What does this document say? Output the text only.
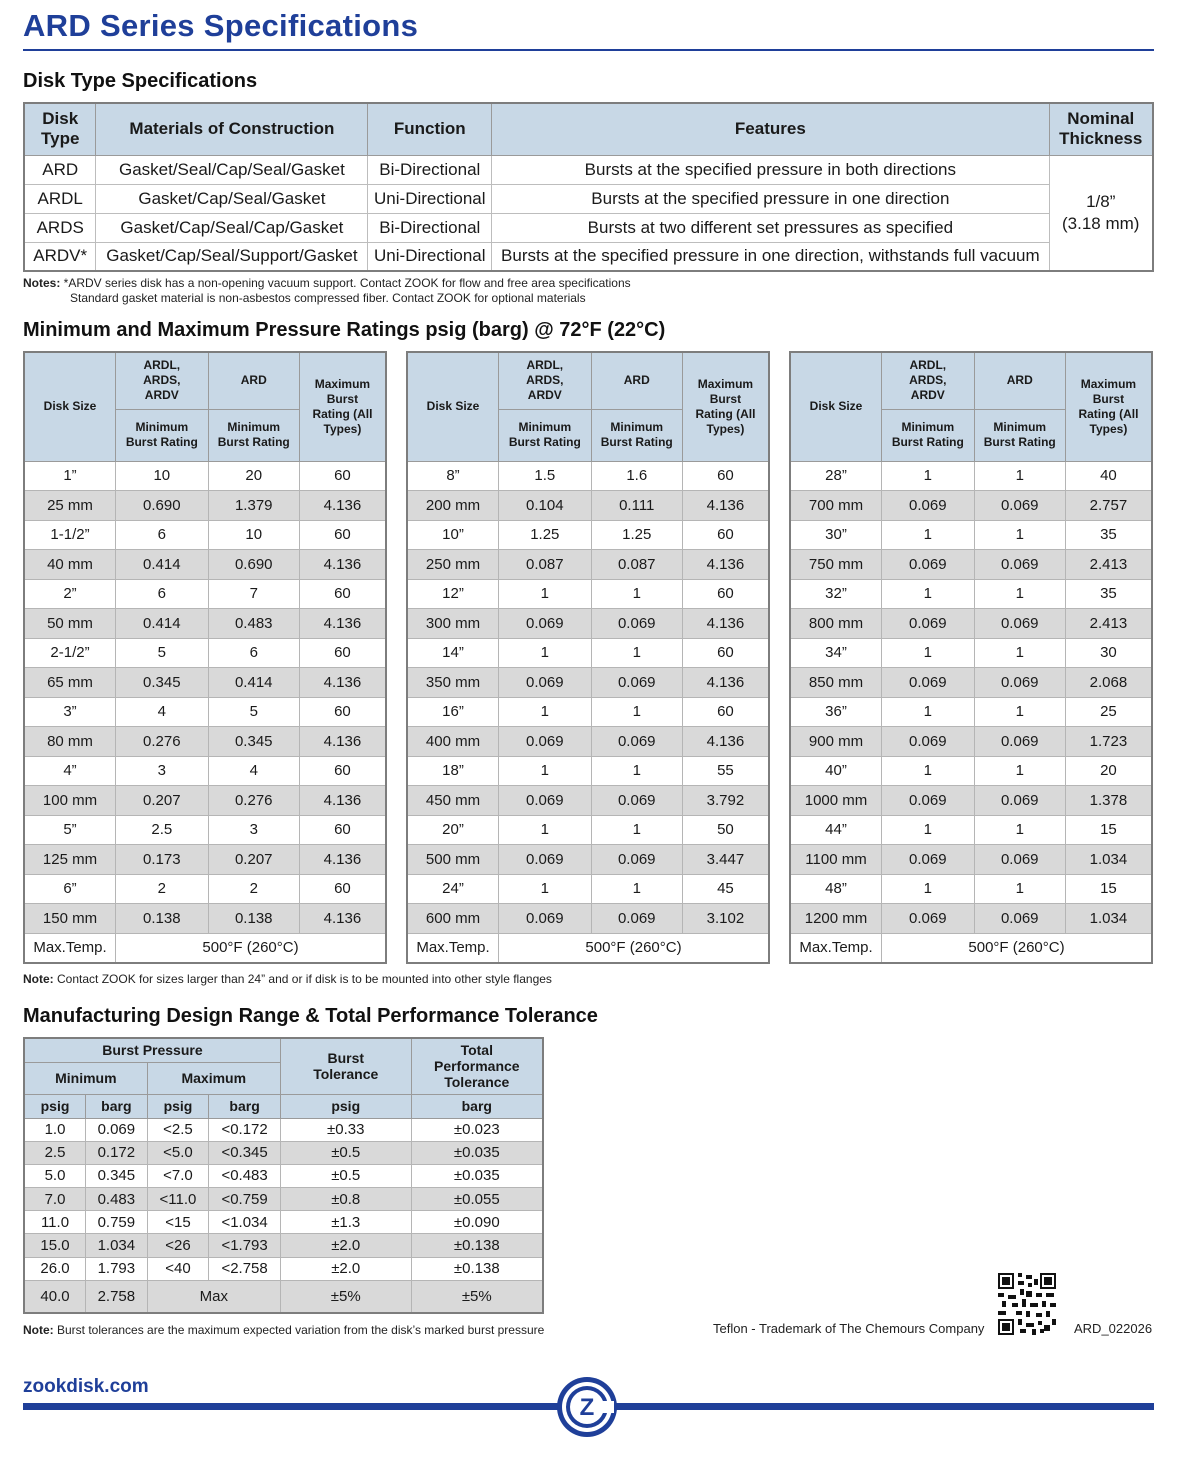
ARD Series Specifications
Disk Type Specifications
Disk Type	Materials of Construction	Function	Features	Nominal Thickness
ARD	Gasket/Seal/Cap/Seal/Gasket	Bi-Directional	Bursts at the specified pressure in both directions	1/8”
(3.18 mm)

ARDL	Gasket/Cap/Seal/Gasket	Uni-Directional	Bursts at the specified pressure in one direction	
ARDS	Gasket/Cap/Seal/Cap/Gasket	Bi-Directional	Bursts at two different set pressures as specified	
ARDV*	Gasket/Cap/Seal/Support/Gasket	Uni-Directional	Bursts at the specified pressure in one direction, withstands full vacuum	
Notes: *ARDV series disk has a non-opening vacuum support. Contact ZOOK for flow and free area specifications
Standard gasket material is non-asbestos compressed fiber. Contact ZOOK for optional materials
Minimum and Maximum Pressure Ratings psig (barg) @ 72°F (22°C)
Disk Size	ARDL, ARDS, ARDV	ARD	Maximum Burst Rating (All Types)
	Minimum Burst Rating	Minimum Burst Rating	
1”	10	20	60
25 mm	0.690	1.379	4.136
1-1/2”	6	10	60
40 mm	0.414	0.690	4.136
2”	6	7	60
50 mm	0.414	0.483	4.136
2-1/2”	5	6	60
65 mm	0.345	0.414	4.136
3”	4	5	60
80 mm	0.276	0.345	4.136
4”	3	4	60
100 mm	0.207	0.276	4.136
5”	2.5	3	60
125 mm	0.173	0.207	4.136
6”	2	2	60
150 mm	0.138	0.138	4.136
Max.Temp.	500°F (260°C)		
Disk Size	ARDL, ARDS, ARDV	ARD	Maximum Burst Rating (All Types)
	Minimum Burst Rating	Minimum Burst Rating	
8”	1.5	1.6	60
200 mm	0.104	0.111	4.136
10”	1.25	1.25	60
250 mm	0.087	0.087	4.136
12”	1	1	60
300 mm	0.069	0.069	4.136
14”	1	1	60
350 mm	0.069	0.069	4.136
16”	1	1	60
400 mm	0.069	0.069	4.136
18”	1	1	55
450 mm	0.069	0.069	3.792
20”	1	1	50
500 mm	0.069	0.069	3.447
24”	1	1	45
600 mm	0.069	0.069	3.102
Max.Temp.	500°F (260°C)		
Disk Size	ARDL, ARDS, ARDV	ARD	Maximum Burst Rating (All Types)
	Minimum Burst Rating	Minimum Burst Rating	
28”	1	1	40
700 mm	0.069	0.069	2.757
30”	1	1	35
750 mm	0.069	0.069	2.413
32”	1	1	35
800 mm	0.069	0.069	2.413
34”	1	1	30
850 mm	0.069	0.069	2.068
36”	1	1	25
900 mm	0.069	0.069	1.723
40”	1	1	20
1000 mm	0.069	0.069	1.378
44”	1	1	15
1100 mm	0.069	0.069	1.034
48”	1	1	15
1200 mm	0.069	0.069	1.034
Max.Temp.	500°F (260°C)		
Note: Contact ZOOK for sizes larger than 24” and or if disk is to be mounted into other style flanges
Manufacturing Design Range & Total Performance Tolerance
Burst Pressure				Burst Tolerance	Total Performance Tolerance
Minimum		Maximum			
psig	barg	psig	barg	psig	barg
1.0	0.069	<2.5	<0.172	±0.33	±0.023
2.5	0.172	<5.0	<0.345	±0.5	±0.035
5.0	0.345	<7.0	<0.483	±0.5	±0.035
7.0	0.483	<11.0	<0.759	±0.8	±0.055
11.0	0.759	<15	<1.034	±1.3	±0.090
15.0	1.034	<26	<1.793	±2.0	±0.138
26.0	1.793	<40	<2.758	±2.0	±0.138
40.0	2.758	Max		±5%	±5%
Note: Burst tolerances are the maximum expected variation from the disk’s marked burst pressure	Teflon - Trademark of The Chemours Company	ARD_022026
zookdisk.com
Z
